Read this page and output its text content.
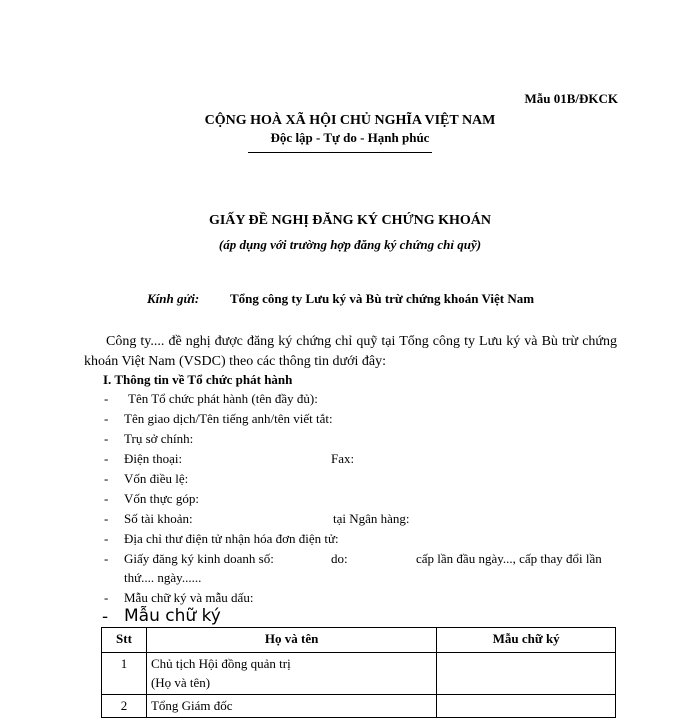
Mẫu 01B/ĐKCK
CỘNG HOÀ XÃ HỘI CHỦ NGHĨA VIỆT NAM
Độc lập - Tự do - Hạnh phúc
GIẤY ĐỀ NGHỊ ĐĂNG KÝ CHỨNG KHOÁN
(áp dụng với trường hợp đăng ký chứng chỉ quỹ)
Kính gửi: Tổng công ty Lưu ký và Bù trừ chứng khoán Việt Nam

Công ty.... đề nghị được đăng ký chứng chỉ quỹ tại Tổng công ty Lưu ký và Bù trừ chứng khoán Việt Nam (VSDC) theo các thông tin dưới đây:

I. Thông tin về Tổ chức phát hành
- Tên Tổ chức phát hành (tên đầy đủ):
- Tên giao dịch/Tên tiếng anh/tên viết tắt:
- Trụ sở chính:
- Điện thoại:	Fax:
- Vốn điều lệ:
- Vốn thực góp:
- Số tài khoản:	tại Ngân hàng:
- Địa chỉ thư điện tử nhận hóa đơn điện tử:
- Giấy đăng ký kinh doanh số:	do:	cấp lần đầu ngày..., cấp thay đổi lần
thứ.... ngày......
- Mẫu chữ ký và mẫu dấu:
- Mẫu chữ ký
Stt	Họ và tên	Mẫu chữ ký
1	Chủ tịch Hội đồng quản trị
(Họ và tên)	

2	Tổng Giám đốc	
